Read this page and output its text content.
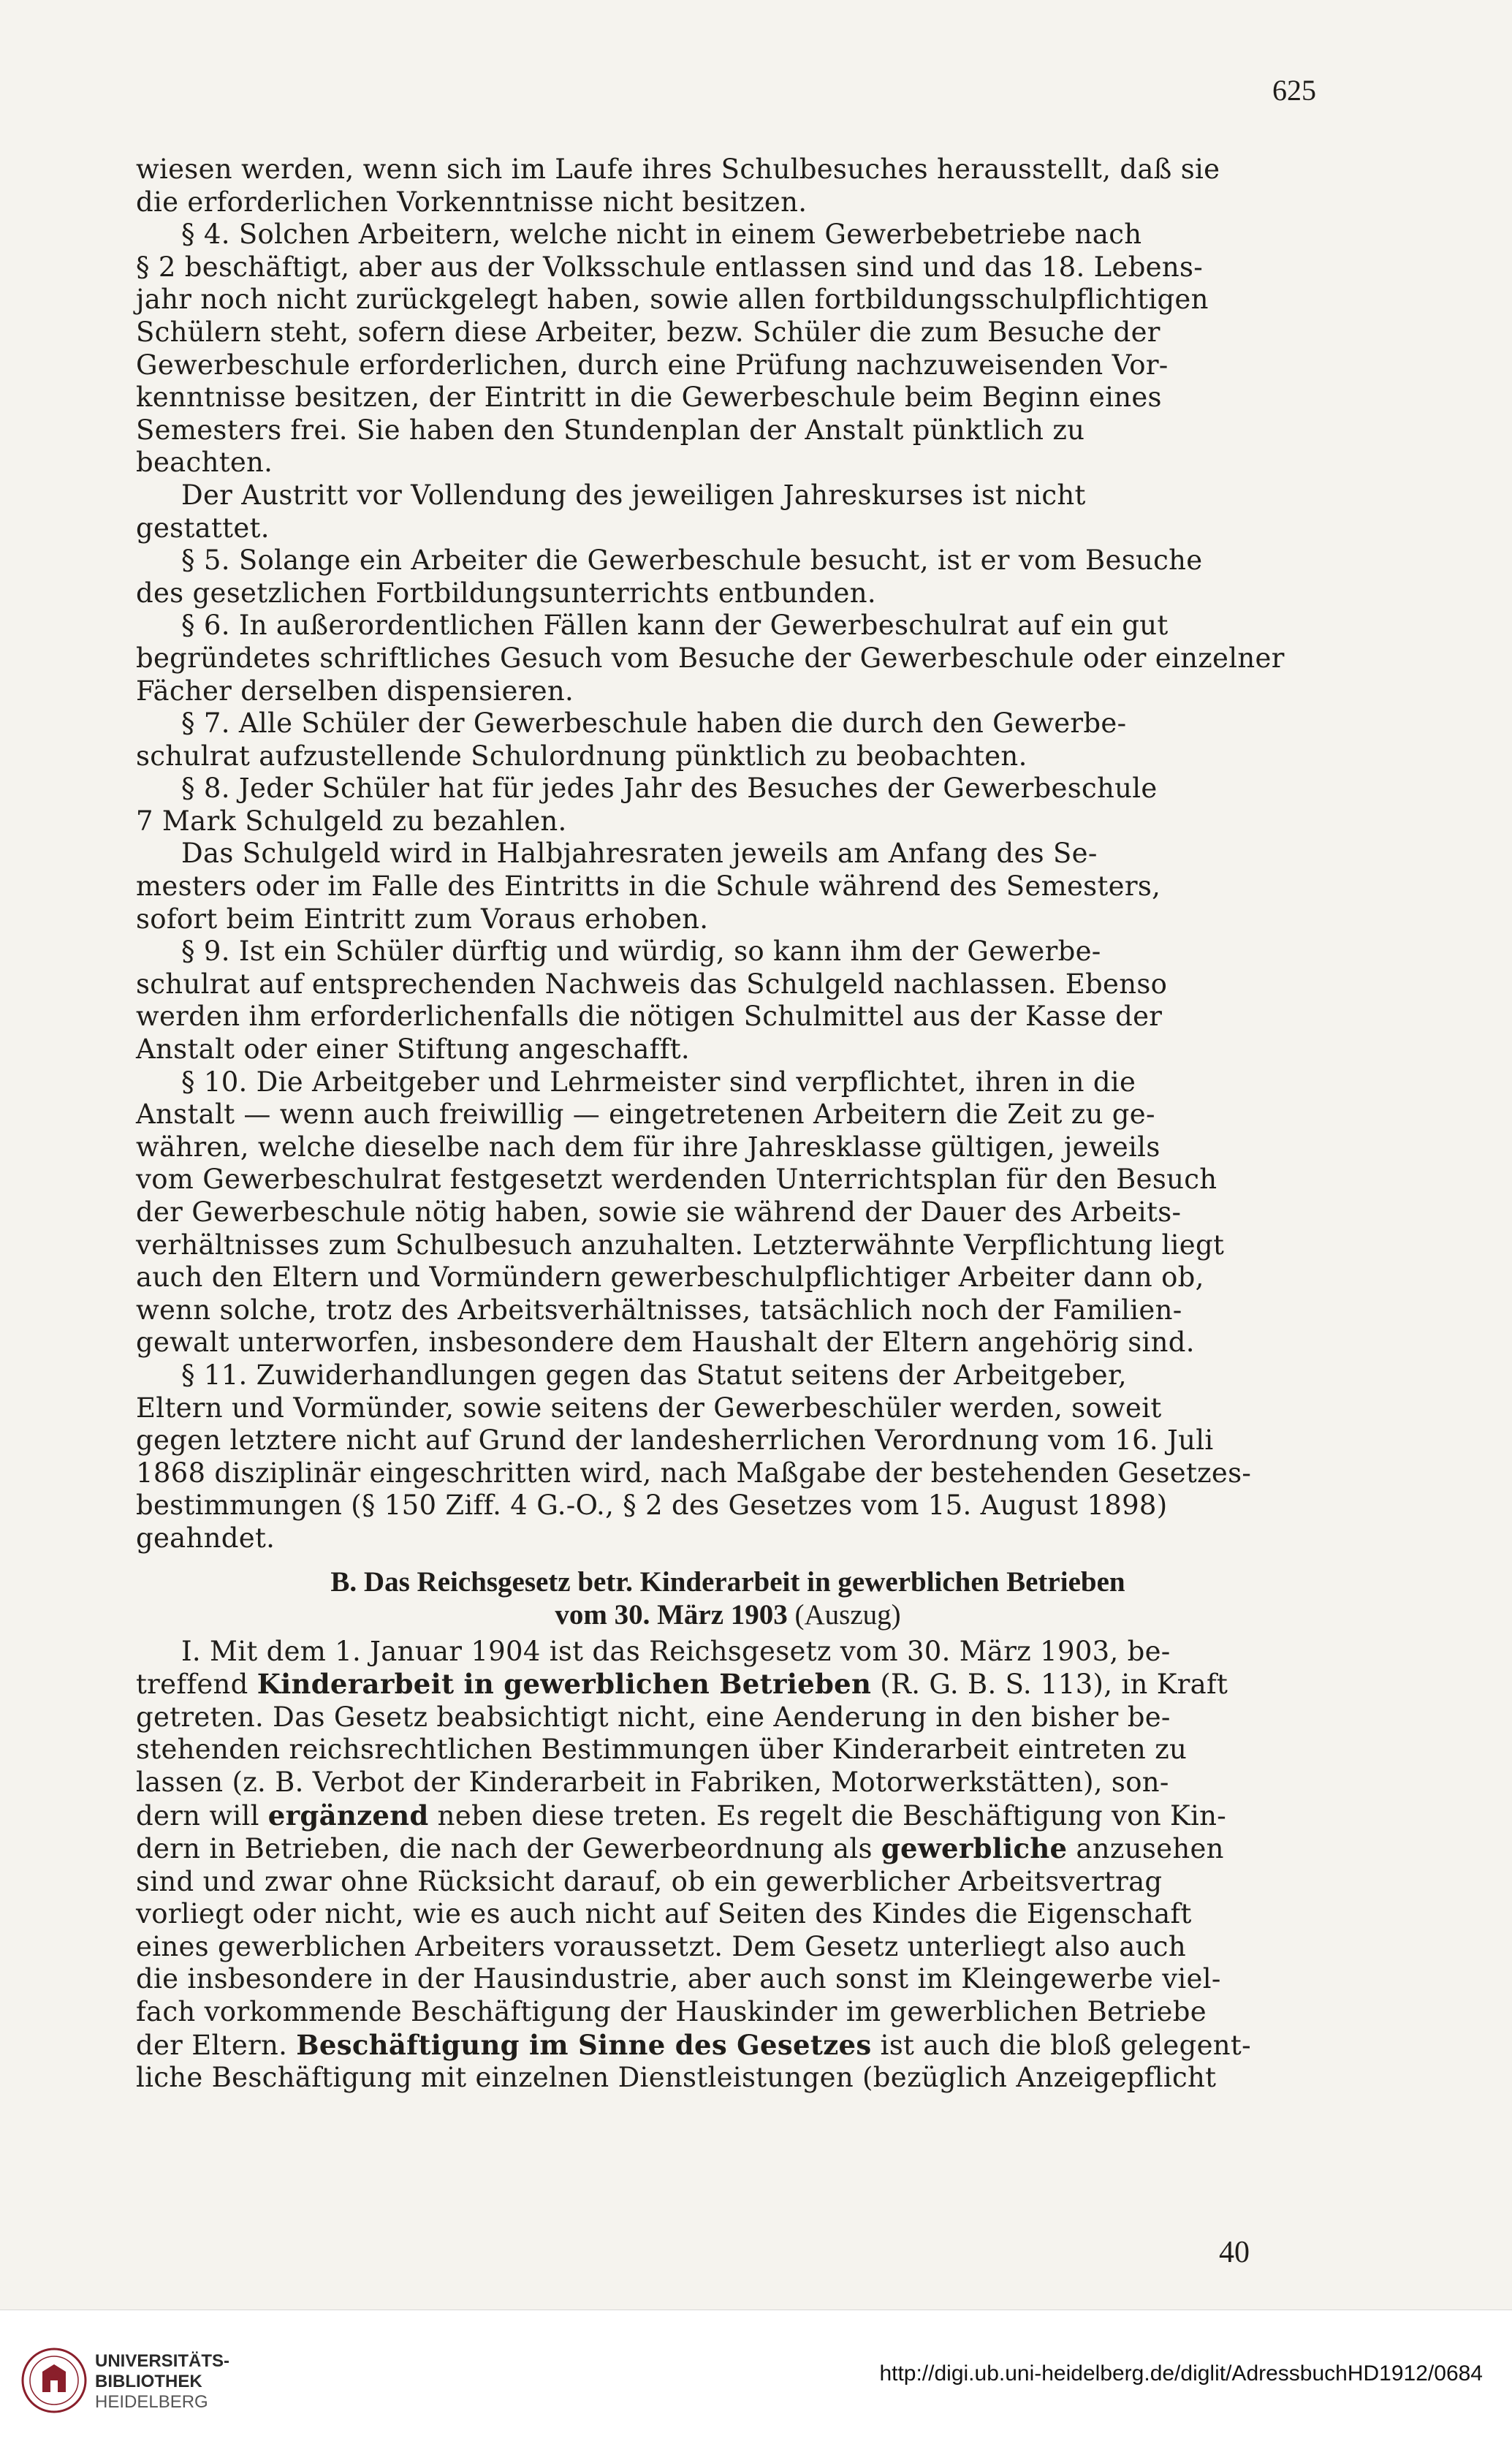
625

wiesen werden, wenn sich im Laufe ihres Schulbesuches herausstellt, daß sie

die erforderlichen Vorkenntnisse nicht besitzen.

§ 4. Solchen Arbeitern, welche nicht in einem Gewerbebetriebe nach

§ 2 beschäftigt, aber aus der Volksschule entlassen sind und das 18. Lebens-

jahr noch nicht zurückgelegt haben, sowie allen fortbildungsschulpflichtigen

Schülern steht, sofern diese Arbeiter, bezw. Schüler die zum Besuche der

Gewerbeschule erforderlichen, durch eine Prüfung nachzuweisenden Vor-

kenntnisse besitzen, der Eintritt in die Gewerbeschule beim Beginn eines

Semesters frei. Sie haben den Stundenplan der Anstalt pünktlich zu

beachten.

Der Austritt vor Vollendung des jeweiligen Jahreskurses ist nicht

gestattet.

§ 5. Solange ein Arbeiter die Gewerbeschule besucht, ist er vom Besuche

des gesetzlichen Fortbildungsunterrichts entbunden.

§ 6. In außerordentlichen Fällen kann der Gewerbeschulrat auf ein gut

begründetes schriftliches Gesuch vom Besuche der Gewerbeschule oder einzelner

Fächer derselben dispensieren.

§ 7. Alle Schüler der Gewerbeschule haben die durch den Gewerbe-

schulrat aufzustellende Schulordnung pünktlich zu beobachten.

§ 8. Jeder Schüler hat für jedes Jahr des Besuches der Gewerbeschule

7 Mark Schulgeld zu bezahlen.

Das Schulgeld wird in Halbjahresraten jeweils am Anfang des Se-

mesters oder im Falle des Eintritts in die Schule während des Semesters,

sofort beim Eintritt zum Voraus erhoben.

§ 9. Ist ein Schüler dürftig und würdig, so kann ihm der Gewerbe-

schulrat auf entsprechenden Nachweis das Schulgeld nachlassen. Ebenso

werden ihm erforderlichenfalls die nötigen Schulmittel aus der Kasse der

Anstalt oder einer Stiftung angeschafft.

§ 10. Die Arbeitgeber und Lehrmeister sind verpflichtet, ihren in die

Anstalt — wenn auch freiwillig — eingetretenen Arbeitern die Zeit zu ge-

währen, welche dieselbe nach dem für ihre Jahresklasse gültigen, jeweils

vom Gewerbeschulrat festgesetzt werdenden Unterrichtsplan für den Besuch

der Gewerbeschule nötig haben, sowie sie während der Dauer des Arbeits-

verhältnisses zum Schulbesuch anzuhalten. Letzterwähnte Verpflichtung liegt

auch den Eltern und Vormündern gewerbeschulpflichtiger Arbeiter dann ob,

wenn solche, trotz des Arbeitsverhältnisses, tatsächlich noch der Familien-

gewalt unterworfen, insbesondere dem Haushalt der Eltern angehörig sind.

§ 11. Zuwiderhandlungen gegen das Statut seitens der Arbeitgeber,

Eltern und Vormünder, sowie seitens der Gewerbeschüler werden, soweit

gegen letztere nicht auf Grund der landesherrlichen Verordnung vom 16. Juli

1868 disziplinär eingeschritten wird, nach Maßgabe der bestehenden Gesetzes-

bestimmungen (§ 150 Ziff. 4 G.-O., § 2 des Gesetzes vom 15. August 1898)

geahndet.

B. Das Reichsgesetz betr. Kinderarbeit in gewerblichen Betrieben
vom 30. März 1903 (Auszug)

I. Mit dem 1. Januar 1904 ist das Reichsgesetz vom 30. März 1903, be-

treffend Kinderarbeit in gewerblichen Betrieben (R. G. B. S. 113), in Kraft

getreten. Das Gesetz beabsichtigt nicht, eine Aenderung in den bisher be-

stehenden reichsrechtlichen Bestimmungen über Kinderarbeit eintreten zu

lassen (z. B. Verbot der Kinderarbeit in Fabriken, Motorwerkstätten), son-

dern will ergänzend neben diese treten. Es regelt die Beschäftigung von Kin-

dern in Betrieben, die nach der Gewerbeordnung als gewerbliche anzusehen

sind und zwar ohne Rücksicht darauf, ob ein gewerblicher Arbeitsvertrag

vorliegt oder nicht, wie es auch nicht auf Seiten des Kindes die Eigenschaft

eines gewerblichen Arbeiters voraussetzt. Dem Gesetz unterliegt also auch

die insbesondere in der Hausindustrie, aber auch sonst im Kleingewerbe viel-

fach vorkommende Beschäftigung der Hauskinder im gewerblichen Betriebe

der Eltern. Beschäftigung im Sinne des Gesetzes ist auch die bloß gelegent-

liche Beschäftigung mit einzelnen Dienstleistungen (bezüglich Anzeigepflicht

40
UNIVERSITÄTS-
BIBLIOTHEK
HEIDELBERG
http://digi.ub.uni-heidelberg.de/diglit/AdressbuchHD1912/0684
